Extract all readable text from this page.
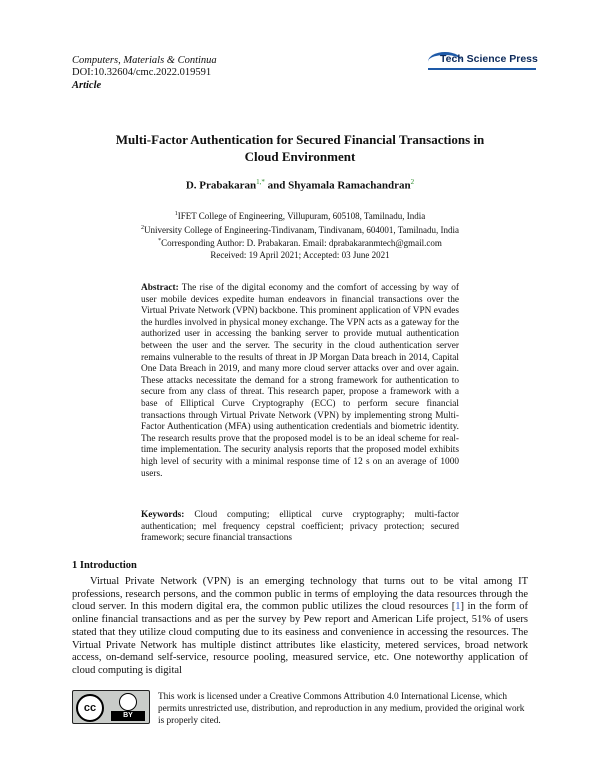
Computers, Materials & Continua
DOI:10.32604/cmc.2022.019591
Article
Tech Science Press
Multi-Factor Authentication for Secured Financial Transactions in
Cloud Environment
D. Prabakaran$^{1,*}$ and Shyamala Ramachandran$^2$
$^1$IFET College of Engineering, Villupuram, 605108, Tamilnadu, India
$^2$University College of Engineering-Tindivanam, Tindivanam, 604001, Tamilnadu, India
*Corresponding Author: D. Prabakaran. Email: dprabakaranmtech@gmail.com
Received: 19 April 2021; Accepted: 03 June 2021
Abstract: The rise of the digital economy and the comfort of accessing by way of user mobile devices expedite human endeavors in financial transactions over the Virtual Private Network (VPN) backbone. This prominent application of VPN evades the hurdles involved in physical money exchange. The VPN acts as a gateway for the authorized user in accessing the banking server to provide mutual authentication between the user and the server. The security in the cloud authentication server remains vulnerable to the results of threat in JP Morgan Data breach in 2014, Capital One Data Breach in 2019, and many more cloud server attacks over and over again. These attacks necessitate the demand for a strong framework for authentication to secure from any class of threat. This research paper, propose a framework with a base of Elliptical Curve Cryptography (ECC) to perform secure financial transactions through Virtual Private Network (VPN) by implementing strong Multi-Factor Authentication (MFA) using authentication credentials and biometric identity. The research results prove that the proposed model is to be an ideal scheme for real-time implementation. The security analysis reports that the proposed model exhibits high level of security with a minimal response time of 12 s on an average of 1000 users.
Keywords: Cloud computing; elliptical curve cryptography; multi-factor authentication; mel frequency cepstral coefficient; privacy protection; secured framework; secure financial transactions
1 Introduction
Virtual Private Network (VPN) is an emerging technology that turns out to be vital among IT professions, research persons, and the common public in terms of employing the data resources through the cloud server. In this modern digital era, the common public utilizes the cloud resources [1] in the form of online financial transactions and as per the survey by Pew report and American Life project, 51% of users stated that they utilize cloud computing due to its easiness and convenience in accessing the resources. The Virtual Private Network has multiple distinct attributes like elasticity, metered services, broad network access, on-demand self-service, resource pooling, measured service, etc. One noteworthy application of cloud computing is digital
cc
BY
This work is licensed under a Creative Commons Attribution 4.0 International License, which permits unrestricted use, distribution, and reproduction in any medium, provided the original work is properly cited.
